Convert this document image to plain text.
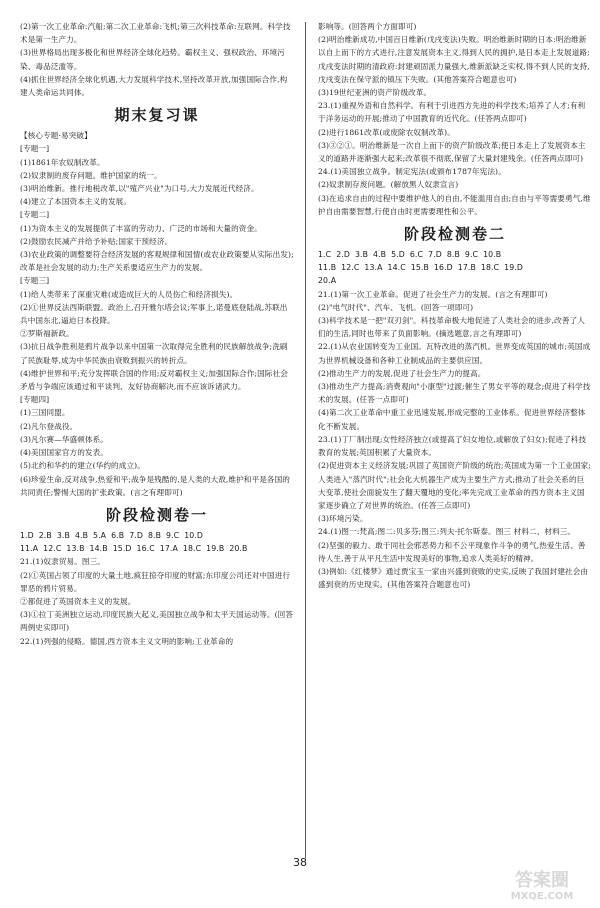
(2)第一次工业革命:汽船;第二次工业革命:飞机;第三次科技革命:互联网。科学技术是第一生产力。

(3)世界格局出现多极化和世界经济全球化趋势。霸权主义、强权政治、环境污染、毒品泛滥等。

(4)抓住世界经济全球化机遇,大力发展科学技术,坚持改革开放,加强国际合作,构建人类命运共同体。

期末复习课

【核心专题·易突破】

[专题一]

(1)1861年农奴制改革。

(2)奴隶制的废存问题。维护国家的统一。

(3)明治维新。推行地税改革,以"殖产兴业"为口号,大力发展近代经济。

(4)建立了本国资本主义的发展。

[专题二]

(1)为资本主义的发展提供了丰富的劳动力、广泛的市场和大量的资金。

(2)鼓励农民减产并给予补贴;国家干预经济。

(3)农业政策的调整要符合经济发展的客观规律和国情(或农业政策要从实际出发);改革是社会发展的动力;生产关系要适应生产力的发展。

[专题三]

(1)给人类带来了深重灾难(或造成巨大的人员伤亡和经济损失)。

(2)①世界反法西斯联盟。政治上,召开雅尔塔会议;军事上,诺曼底登陆战,苏联出兵中国东北,逼迫日本投降。

②罗斯福新政。

(3)抗日战争胜利是鸦片战争以来中国第一次取得完全胜利的民族解放战争;洗刷了民族耻辱,成为中华民族由衰败到振兴的转折点。

(4)维护世界和平;充分发挥联合国的作用;反对霸权主义;加强国际合作;国际社会矛盾与争端应该通过和平谈判、友好协商解决,而不应该诉诸武力。

[专题四]

(1)三国同盟。

(2)凡尔登战役。

(3)凡尔赛—华盛顿体系。

(4)美国国家官方的发表。

(5)北约和华约的建立(华约的成立)。

(6)珍爱生命,反对战争,热爱和平;战争是残酷的,是人类的大敌,维护和平是各国的共同责任;警惕大国的扩张政策。(言之有理即可)

阶段检测卷一

1.D 2.B 3.B 4.B 5.A 6.B 7.D 8.B 9.C 10.D

11.A 12.C 13.B 14.B 15.D 16.C 17.A 18.C 19.B 20.B

21.(1)奴隶贸易。图三。

(2)①英国占领了印度的大量土地,疯狂掠夺印度的财富;东印度公司还对中国进行罪恶的鸦片贸易。

②都促进了英国资本主义的发展。

(3)①拉丁美洲独立运动,印度民族大起义,美国独立战争和太平天国运动等。(回答两例史实即可)

22.(1)列强的侵略。德国,西方资本主义文明的影响;工业革命的

影响等。(回答两个方面即可)

(2)明治维新成功,中国百日维新(戊戌变法)失败。明治维新时期的日本:明治维新以自上而下的方式进行,注意发展资本主义,得到人民的拥护,是日本走上发展道路;戊戌变法时期的清政府:封建顽固派力量强大,维新派缺乏实权,得不到人民的支持,戊戌变法在保守派的镇压下失败。(其他答案符合题意也可)

(3)19世纪亚洲的资产阶级改革。

23.(1)重视外语和自然科学。有利于引进西方先进的科学技术;培养了人才;有利于洋务运动的开展;推动了中国教育的近代化。(任答两点即可)

(2)进行1861改革(或废除农奴制改革)。

(3)③②①。明治维新是一次自上而下的资产阶级改革;使日本走上了发展资本主义的道路并逐渐强大起来;改革很不彻底,保留了大量封建残余。(任答两点即可)

24.(1)美国独立战争。制定宪法(或颁布1787年宪法)。

(2)奴隶制存废问题。(解放黑人奴隶宣言)

(3)在追求自由的过程中要维护他人的自由,不能滥用自由;自由与平等需要勇气,维护自由需要智慧,行使自由时更需要理性和公平。

阶段检测卷二

1.C 2.D 3.B 4.B 5.D 6.C 7.D 8.B 9.C 10.B

11.B 12.C 13.A 14.C 15.B 16.D 17.B 18.C 19.D

20.A

21.(1)第一次工业革命。促进了社会生产力的发展。(言之有理即可)

(2)"电气时代"、汽车、飞机。(回答一项即可)

(3)科学技术是一把"双刃剑"。科技革命极大地促进了人类社会的进步,改善了人们的生活,同时也带来了负面影响。(摘选题意,言之有理即可)

22.(1)从农业国转变为工业国。瓦特改进的蒸汽机。世界变成英国的城市;英国成为世界机械设备和各种工业制成品的主要供应国。

(2)推动生产力的发展,促进了社会生产力的提高。

(3)推动生产力提高;消费观向"小康型"过渡;催生了男女平等的观念;促进了科学技术的发展。(任答一点即可)

(4)第二次工业革命中重工业迅速发展,形成完整的工业体系。促进世界经济整体化不断发展。

23.(1)丁厂制出现;女性经济独立(或提高了妇女地位,或解放了妇女);促进了科技教育的发展;英国积累了大量资本。

(2)促进资本主义经济发展;巩固了英国资产阶级的统治;英国成为第一个工业国家;人类进入"蒸汽时代";社会化大机器生产成为主要生产方式;推动了社会关系的巨大变革,使社会面貌发生了翻天覆地的变化;率先完成工业革命的西方资本主义国家逐步确立了对世界的统治。(任答三点即可)

(3)环境污染。

24.(1)图一:梵高;图二:贝多芬;图三:列夫·托尔斯泰。图三 材料二、材料三。

(2)坚强的毅力、敢于同社会邪恶势力和不公平现象作斗争的勇气,热爱生活、善待人生,善于从平凡生活中发现美好的事物,追求人类美好的精神。

(3)例如:《红楼梦》通过贾宝玉一家由兴盛到衰败的史实,反映了我国封建社会由盛到衰的历史现实。(其他答案符合题意也可)

38
答案圈
MXQE.COM
